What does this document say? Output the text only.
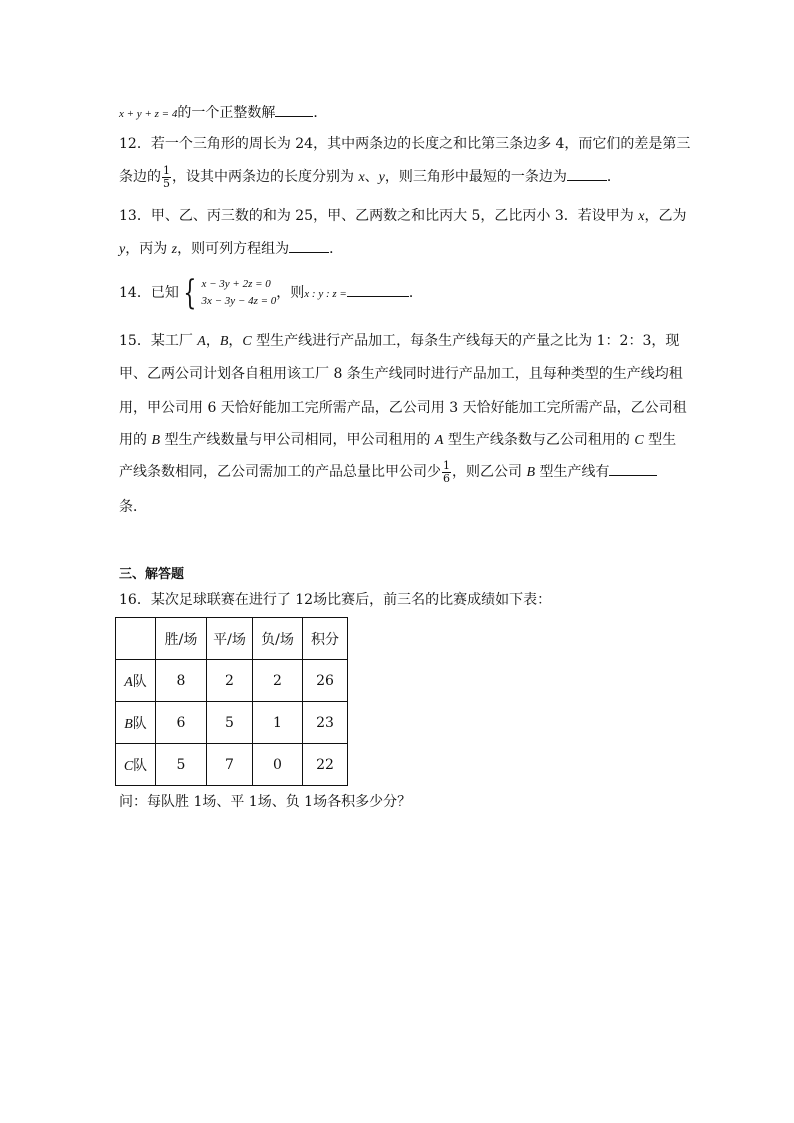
x + y + z = 4的一个正整数解	．
12．若一个三角形的周长为 24，其中两条边的长度之和比第三条边多 4，而它们的差是第三
条边的 $\frac{1}{5}$ ，设其中两条边的长度分别为 x、y，则三角形中最短的一条边为	．
13．甲、乙、丙三数的和为 25，甲、乙两数之和比丙大 5，乙比丙小 3．若设甲为 x，乙为
y，丙为 z，则可列方程组为	．
14．已知 { x − 3y + 2z = 0
3x − 3y − 4z = 0 ，则x : y : z =	．
15．某工厂 A，B，C 型生产线进行产品加工，每条生产线每天的产量之比为 1：2：3，现
甲、乙两公司计划各自租用该工厂 8 条生产线同时进行产品加工，且每种类型的生产线均租
用，甲公司用 6 天恰好能加工完所需产品，乙公司用 3 天恰好能加工完所需产品，乙公司租
用的 B 型生产线数量与甲公司相同，甲公司租用的 A 型生产线条数与乙公司租用的 C 型生
产线条数相同，乙公司需加工的产品总量比甲公司少 $\frac{1}{6}$ ，则乙公司 B 型生产线有
条．
三、解答题
16．某次足球联赛在进行了 12场比赛后，前三名的比赛成绩如下表：
	胜/场	平/场	负/场	积分
A队	8	2	2	26
B队	6	5	1	23
C队	5	7	0	22
问：每队胜 1场、平 1场、负 1场各积多少分？
